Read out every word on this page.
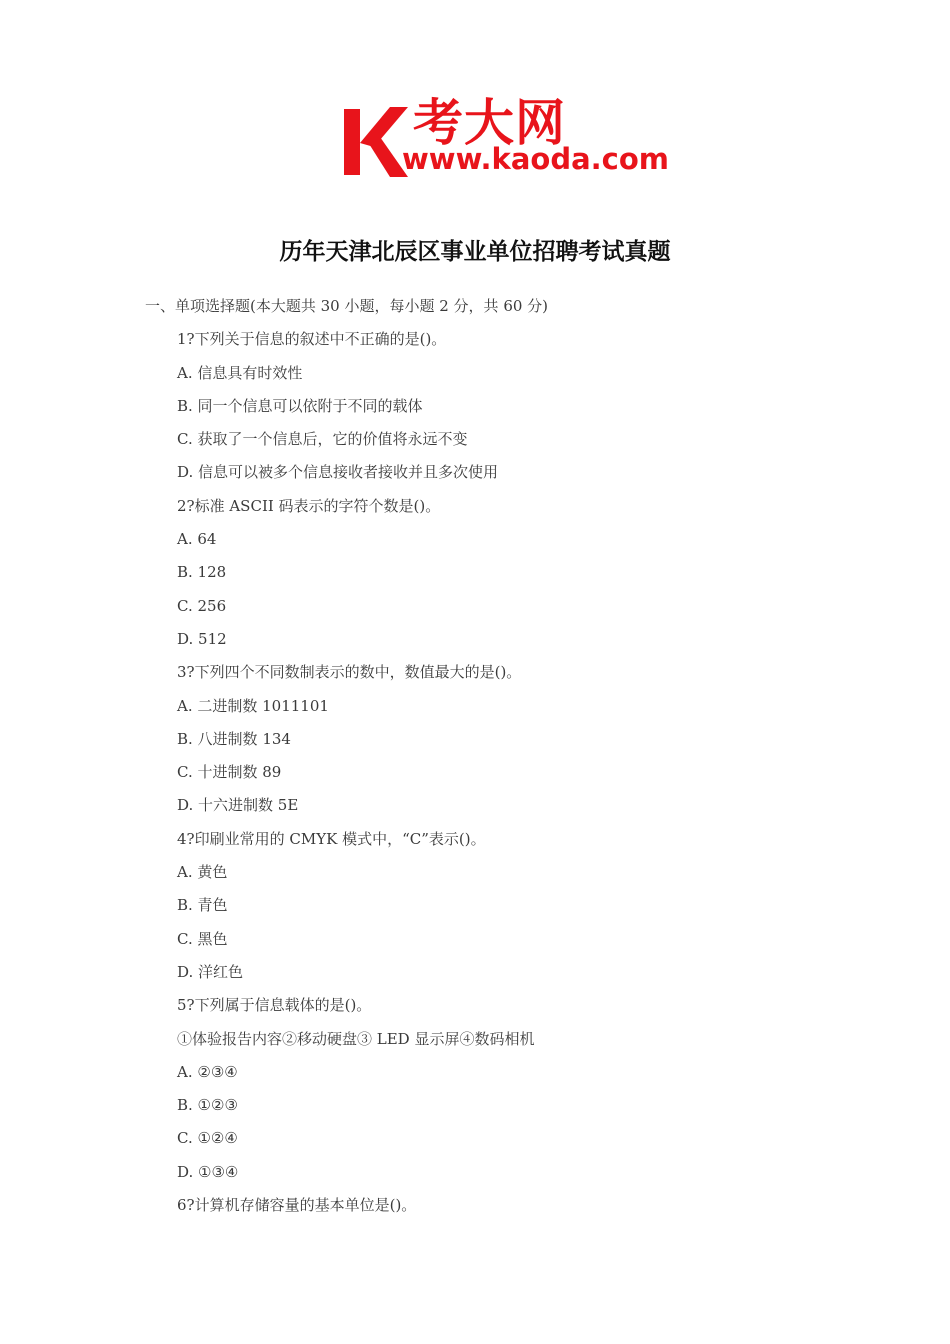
考大网
www.kaoda.com
历年天津北辰区事业单位招聘考试真题
一、单项选择题(本大题共 30 小题，每小题 2 分，共 60 分)
1?下列关于信息的叙述中不正确的是()。
A. 信息具有时效性
B. 同一个信息可以依附于不同的载体
C. 获取了一个信息后，它的价值将永远不变
D. 信息可以被多个信息接收者接收并且多次使用
2?标准 ASCII 码表示的字符个数是()。
A. 64
B. 128
C. 256
D. 512
3?下列四个不同数制表示的数中，数值最大的是()。
A. 二进制数 1011101
B. 八进制数 134
C. 十进制数 89
D. 十六进制数 5E
4?印刷业常用的 CMYK 模式中，“C”表示()。
A. 黄色
B. 青色
C. 黑色
D. 洋红色
5?下列属于信息载体的是()。
①体验报告内容②移动硬盘③ LED 显示屏④数码相机
A. ②③④
B. ①②③
C. ①②④
D. ①③④
6?计算机存储容量的基本单位是()。
